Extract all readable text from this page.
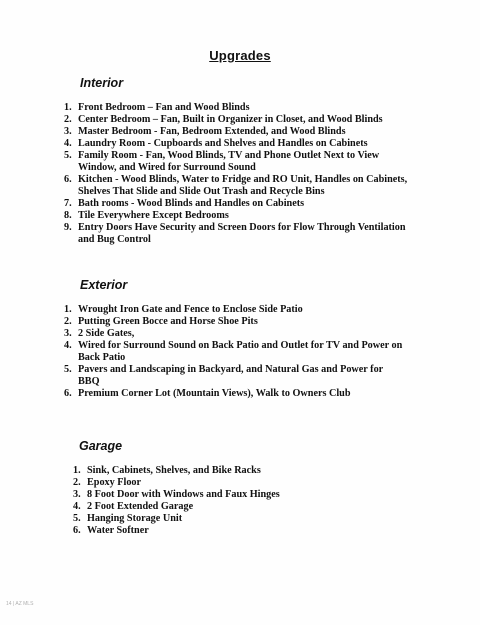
Upgrades
Interior
1. Front Bedroom – Fan and Wood Blinds
2. Center Bedroom – Fan, Built in Organizer in Closet, and Wood Blinds
3. Master Bedroom - Fan, Bedroom Extended, and Wood Blinds
4. Laundry Room - Cupboards and Shelves and Handles on Cabinets
5. Family Room - Fan, Wood Blinds, TV and Phone Outlet Next to View Window, and Wired for Surround Sound
6. Kitchen - Wood Blinds, Water to Fridge and RO Unit, Handles on Cabinets, Shelves That Slide and Slide Out Trash and Recycle Bins
7. Bath rooms - Wood Blinds and Handles on Cabinets
8. Tile Everywhere Except Bedrooms
9. Entry Doors Have Security and Screen Doors for Flow Through Ventilation and Bug Control
Exterior
1. Wrought Iron Gate and Fence to Enclose Side Patio
2. Putting Green Bocce and Horse Shoe Pits
3. 2 Side Gates,
4. Wired for Surround Sound on Back Patio and Outlet for TV and Power on Back Patio
5. Pavers and Landscaping in Backyard, and Natural Gas and Power for BBQ
6. Premium Corner Lot (Mountain Views), Walk to Owners Club
Garage
1. Sink, Cabinets, Shelves, and Bike Racks
2. Epoxy Floor
3. 8 Foot Door with Windows and Faux Hinges
4. 2 Foot Extended Garage
5. Hanging Storage Unit
6. Water Softner
14 | AZ MLS
